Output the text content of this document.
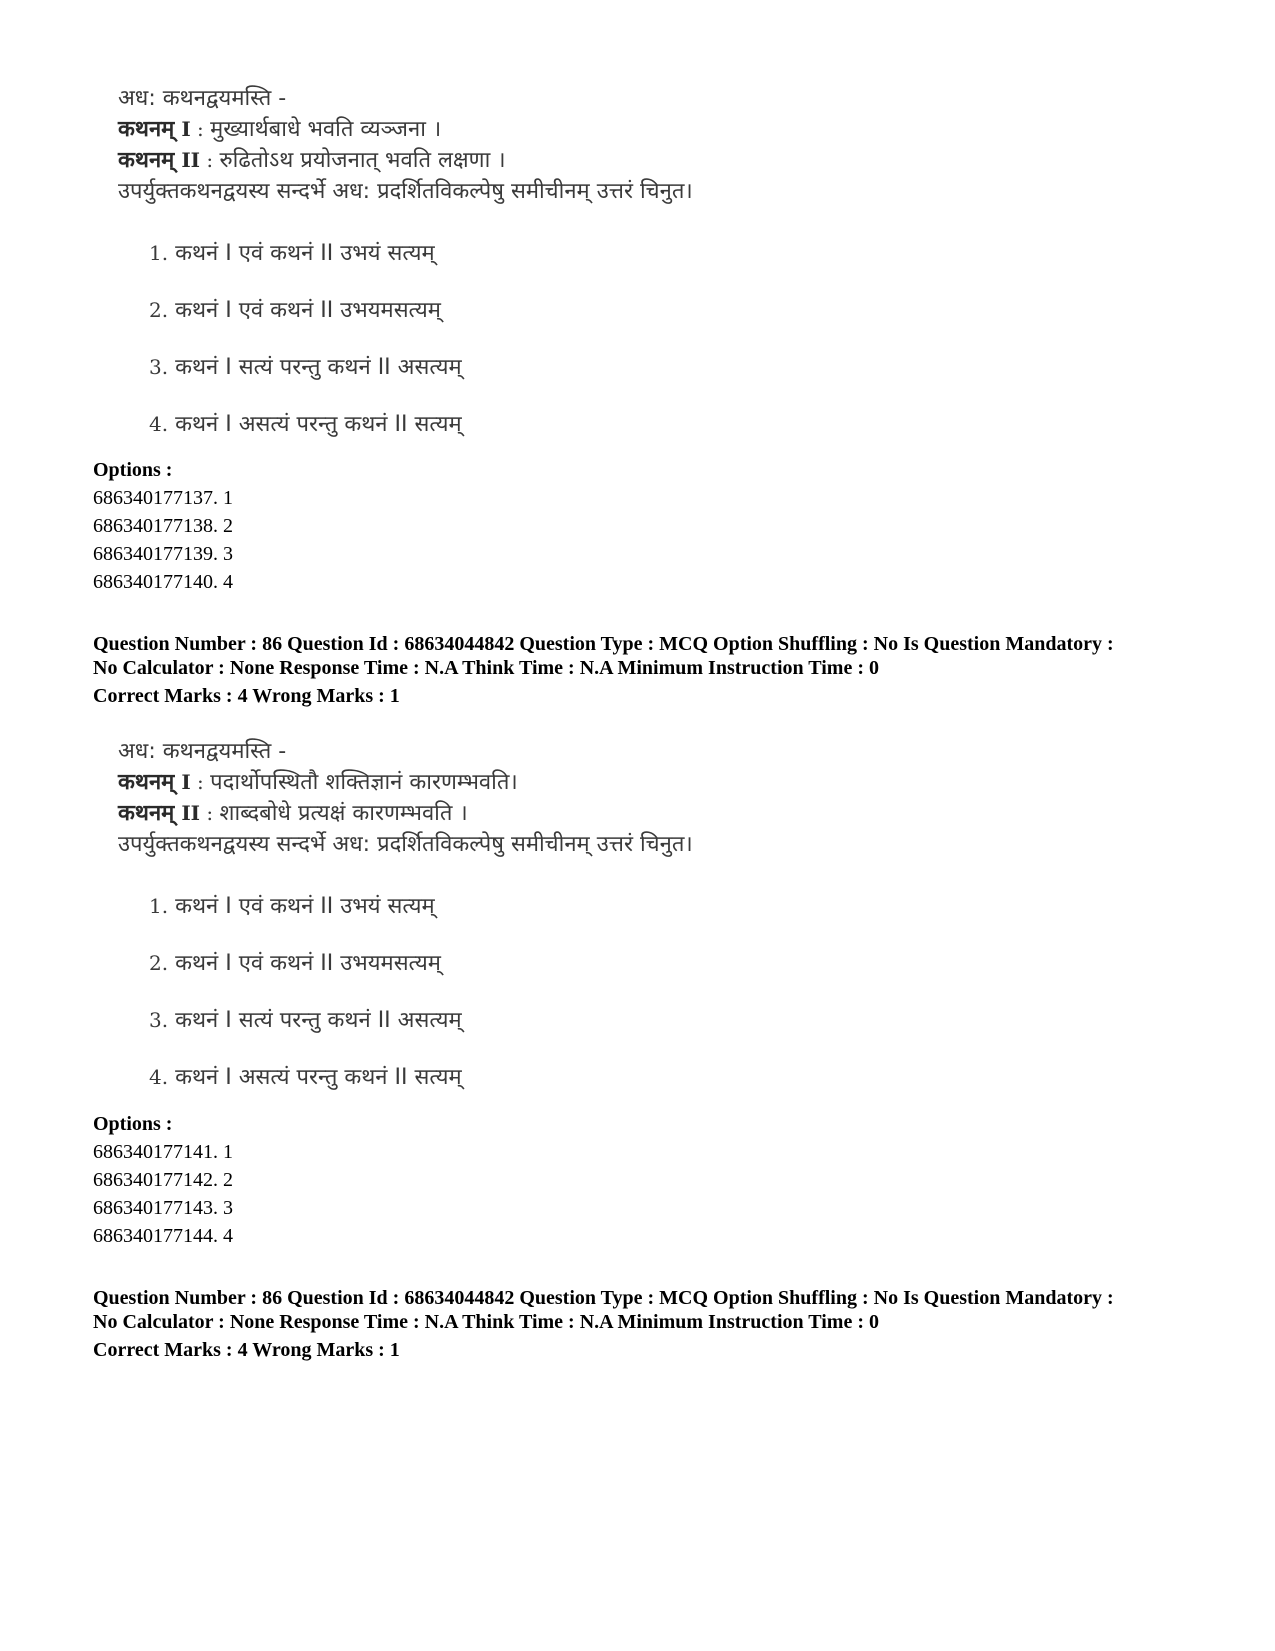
अध: कथनद्वयमस्ति -
कथनम् I : मुख्यार्थबाधे भवति व्यञ्जना ।
कथनम् II : रुढितोऽथ प्रयोजनात् भवति लक्षणा ।
उपर्युक्तकथनद्वयस्य सन्दर्भे अध: प्रदर्शितविकल्पेषु समीचीनम् उत्तरं चिनुत।
1. कथनं I एवं कथनं II उभयं सत्यम्
2. कथनं I एवं कथनं II उभयमसत्यम्
3. कथनं I सत्यं परन्तु कथनं II असत्यम्
4. कथनं I असत्यं परन्तु कथनं II सत्यम्
Options :
686340177137. 1
686340177138. 2
686340177139. 3
686340177140. 4
Question Number : 86 Question Id : 68634044842 Question Type : MCQ Option Shuffling : No Is Question Mandatory :
No Calculator : None Response Time : N.A Think Time : N.A Minimum Instruction Time : 0
Correct Marks : 4 Wrong Marks : 1
अध: कथनद्वयमस्ति -
कथनम् I : पदार्थोपस्थितौ शक्तिज्ञानं कारणम्भवति।
कथनम् II : शाब्दबोधे प्रत्यक्षं कारणम्भवति ।
उपर्युक्तकथनद्वयस्य सन्दर्भे अध: प्रदर्शितविकल्पेषु समीचीनम् उत्तरं चिनुत।
1. कथनं I एवं कथनं II उभयं सत्यम्
2. कथनं I एवं कथनं II उभयमसत्यम्
3. कथनं I सत्यं परन्तु कथनं II असत्यम्
4. कथनं I असत्यं परन्तु कथनं II सत्यम्
Options :
686340177141. 1
686340177142. 2
686340177143. 3
686340177144. 4
Question Number : 86 Question Id : 68634044842 Question Type : MCQ Option Shuffling : No Is Question Mandatory :
No Calculator : None Response Time : N.A Think Time : N.A Minimum Instruction Time : 0
Correct Marks : 4 Wrong Marks : 1
